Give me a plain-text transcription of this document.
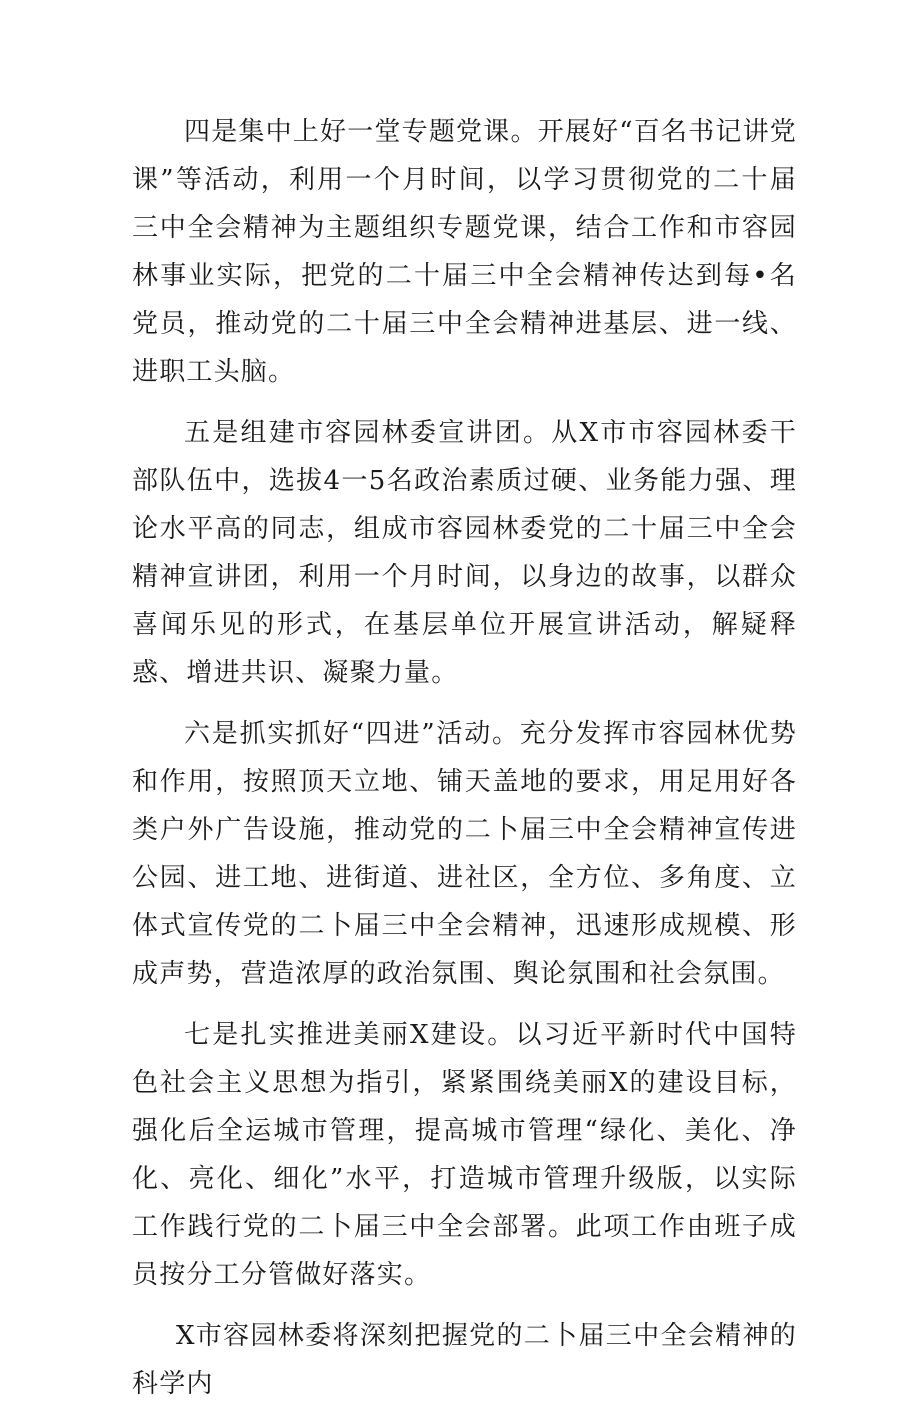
四是集中上好一堂专题党课。开展好“百名书记讲党课”等活动，利用一个月时间，以学习贯彻党的二十届三中全会精神为主题组织专题党课，结合工作和市容园林事业实际，把党的二十届三中全会精神传达到每•名党员，推动党的二十届三中全会精神进基层、进一线、进职工头脑。

五是组建市容园林委宣讲团。从X市市容园林委干部队伍中，选拔4一5名政治素质过硬、业务能力强、理论水平高的同志，组成市容园林委党的二十届三中全会精神宣讲团，利用一个月时间，以身边的故事，以群众喜闻乐见的形式，在基层单位开展宣讲活动，解疑释惑、增进共识、凝聚力量。

六是抓实抓好“四进”活动。充分发挥市容园林优势和作用，按照顶天立地、铺天盖地的要求，用足用好各类户外广告设施，推动党的二卜届三中全会精神宣传进公园、进工地、进街道、进社区，全方位、多角度、立体式宣传党的二卜届三中全会精神，迅速形成规模、形成声势，营造浓厚的政治氛围、舆论氛围和社会氛围。

七是扎实推进美丽X建设。以习近平新时代中国特色社会主义思想为指引，紧紧围绕美丽X的建设目标，强化后全运城市管理，提高城市管理“绿化、美化、净化、亮化、细化”水平，打造城市管理升级版，以实际工作践行党的二卜届三中全会部署。此项工作由班子成员按分工分管做好落实。

X市容园林委将深刻把握党的二卜届三中全会精神的科学内
